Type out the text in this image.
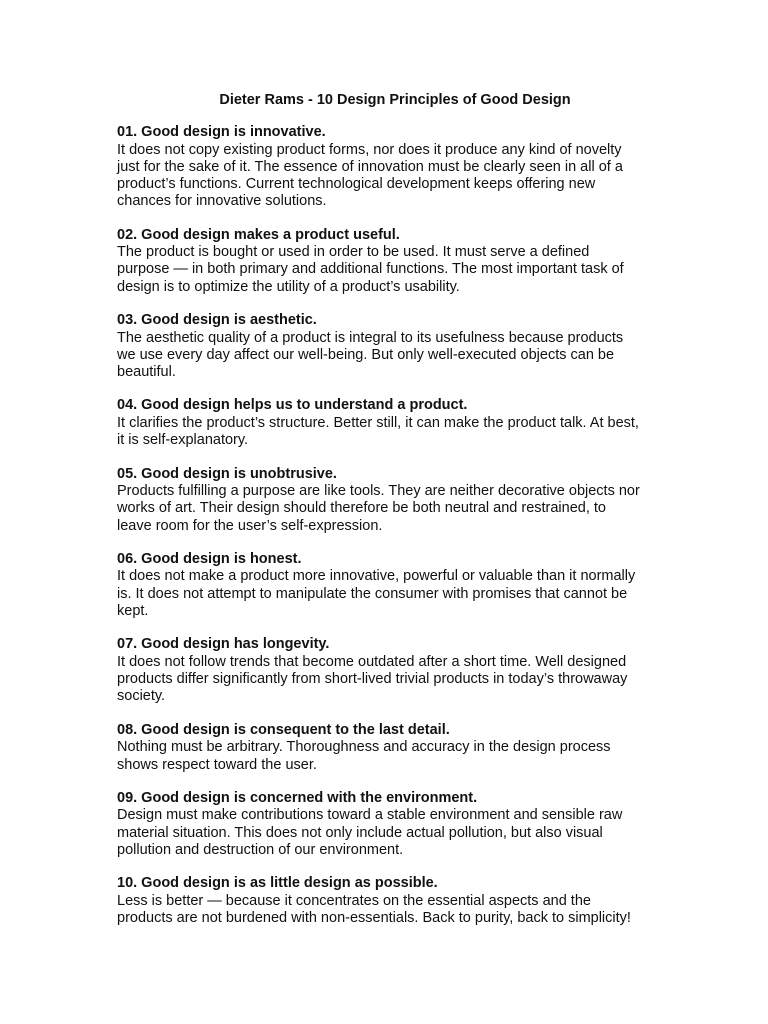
Dieter Rams - 10 Design Principles of Good Design
01. Good design is innovative.
It does not copy existing product forms, nor does it produce any kind of novelty
just for the sake of it. The essence of innovation must be clearly seen in all of a
product’s functions. Current technological development keeps offering new
chances for innovative solutions.
02. Good design makes a product useful.
The product is bought or used in order to be used. It must serve a defined
purpose — in both primary and additional functions. The most important task of
design is to optimize the utility of a product’s usability.
03. Good design is aesthetic.
The aesthetic quality of a product is integral to its usefulness because products
we use every day affect our well-being. But only well-executed objects can be
beautiful.
04. Good design helps us to understand a product.
It clarifies the product’s structure. Better still, it can make the product talk. At best,
it is self-explanatory.
05. Good design is unobtrusive.
Products fulfilling a purpose are like tools. They are neither decorative objects nor
works of art. Their design should therefore be both neutral and restrained, to
leave room for the user’s self-expression.
06. Good design is honest.
It does not make a product more innovative, powerful or valuable than it normally
is. It does not attempt to manipulate the consumer with promises that cannot be
kept.
07. Good design has longevity.
It does not follow trends that become outdated after a short time. Well designed
products differ significantly from short-lived trivial products in today’s throwaway
society.
08. Good design is consequent to the last detail.
Nothing must be arbitrary. Thoroughness and accuracy in the design process
shows respect toward the user.
09. Good design is concerned with the environment.
Design must make contributions toward a stable environment and sensible raw
material situation. This does not only include actual pollution, but also visual
pollution and destruction of our environment.
10. Good design is as little design as possible.
Less is better — because it concentrates on the essential aspects and the
products are not burdened with non-essentials. Back to purity, back to simplicity!
